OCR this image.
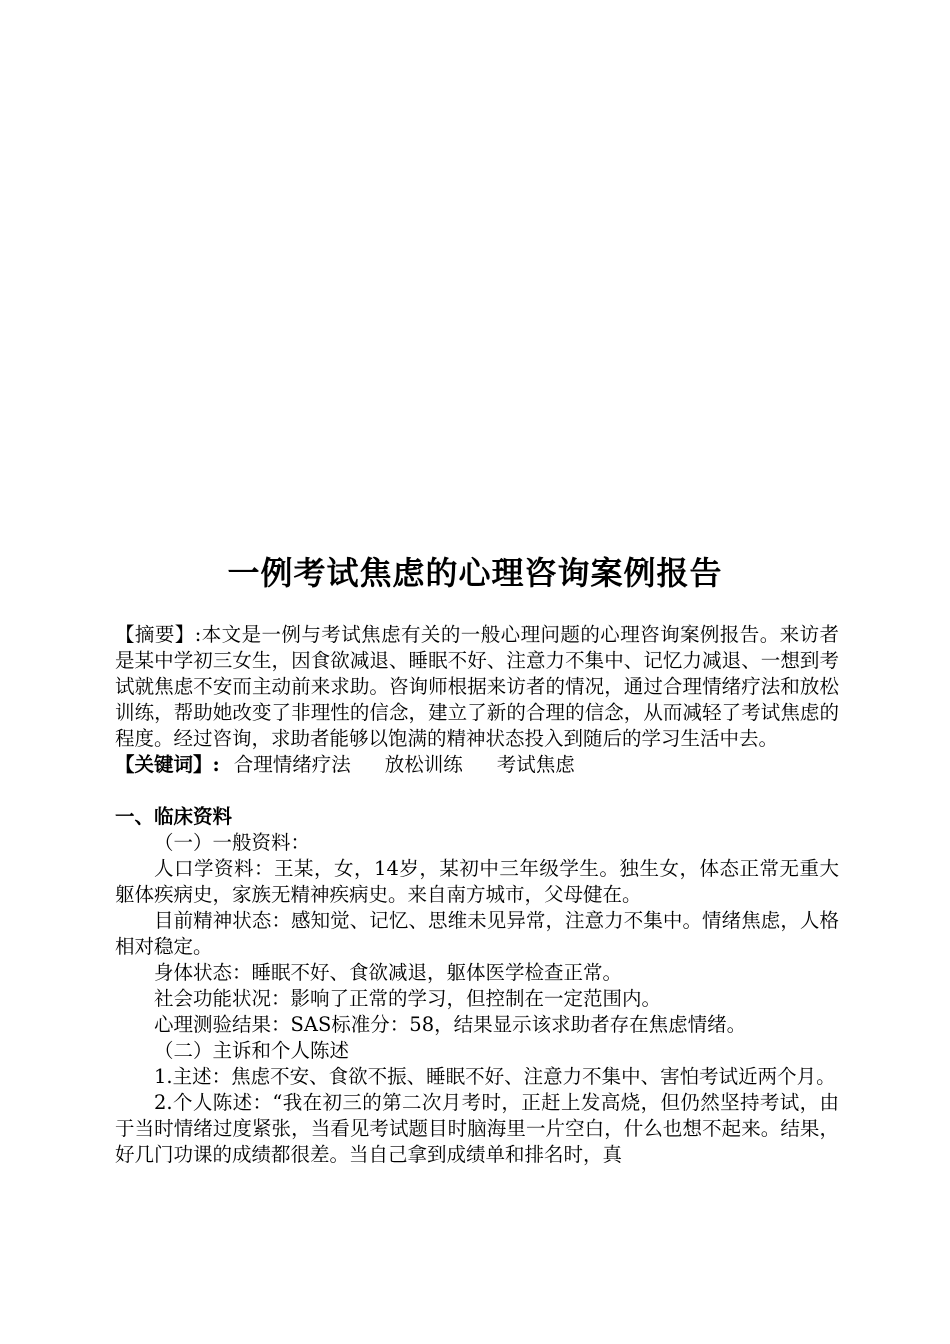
一例考试焦虑的心理咨询案例报告

【摘要】:本文是一例与考试焦虑有关的一般心理问题的心理咨询案例报告。来访者是某中学初三女生，因食欲减退、睡眠不好、注意力不集中、记忆力减退、一想到考试就焦虑不安而主动前来求助。咨询师根据来访者的情况，通过合理情绪疗法和放松训练，帮助她改变了非理性的信念，建立了新的合理的信念，从而减轻了考试焦虑的程度。经过咨询，求助者能够以饱满的精神状态投入到随后的学习生活中去。

【关键词】: 合理情绪疗法 放松训练 考试焦虑

一、临床资料

（一）一般资料：

人口学资料：王某，女，14岁，某初中三年级学生。独生女，体态正常无重大躯体疾病史，家族无精神疾病史。来自南方城市，父母健在。

目前精神状态：感知觉、记忆、思维未见异常，注意力不集中。情绪焦虑，人格相对稳定。

身体状态：睡眠不好、食欲减退，躯体医学检查正常。

社会功能状况：影响了正常的学习，但控制在一定范围内。

心理测验结果：SAS标准分：58，结果显示该求助者存在焦虑情绪。

（二）主诉和个人陈述

1.主述：焦虑不安、食欲不振、睡眠不好、注意力不集中、害怕考试近两个月。

2.个人陈述：“我在初三的第二次月考时，正赶上发高烧，但仍然坚持考试，由于当时情绪过度紧张，当看见考试题目时脑海里一片空白，什么也想不起来。结果，好几门功课的成绩都很差。当自己拿到成绩单和排名时，真
